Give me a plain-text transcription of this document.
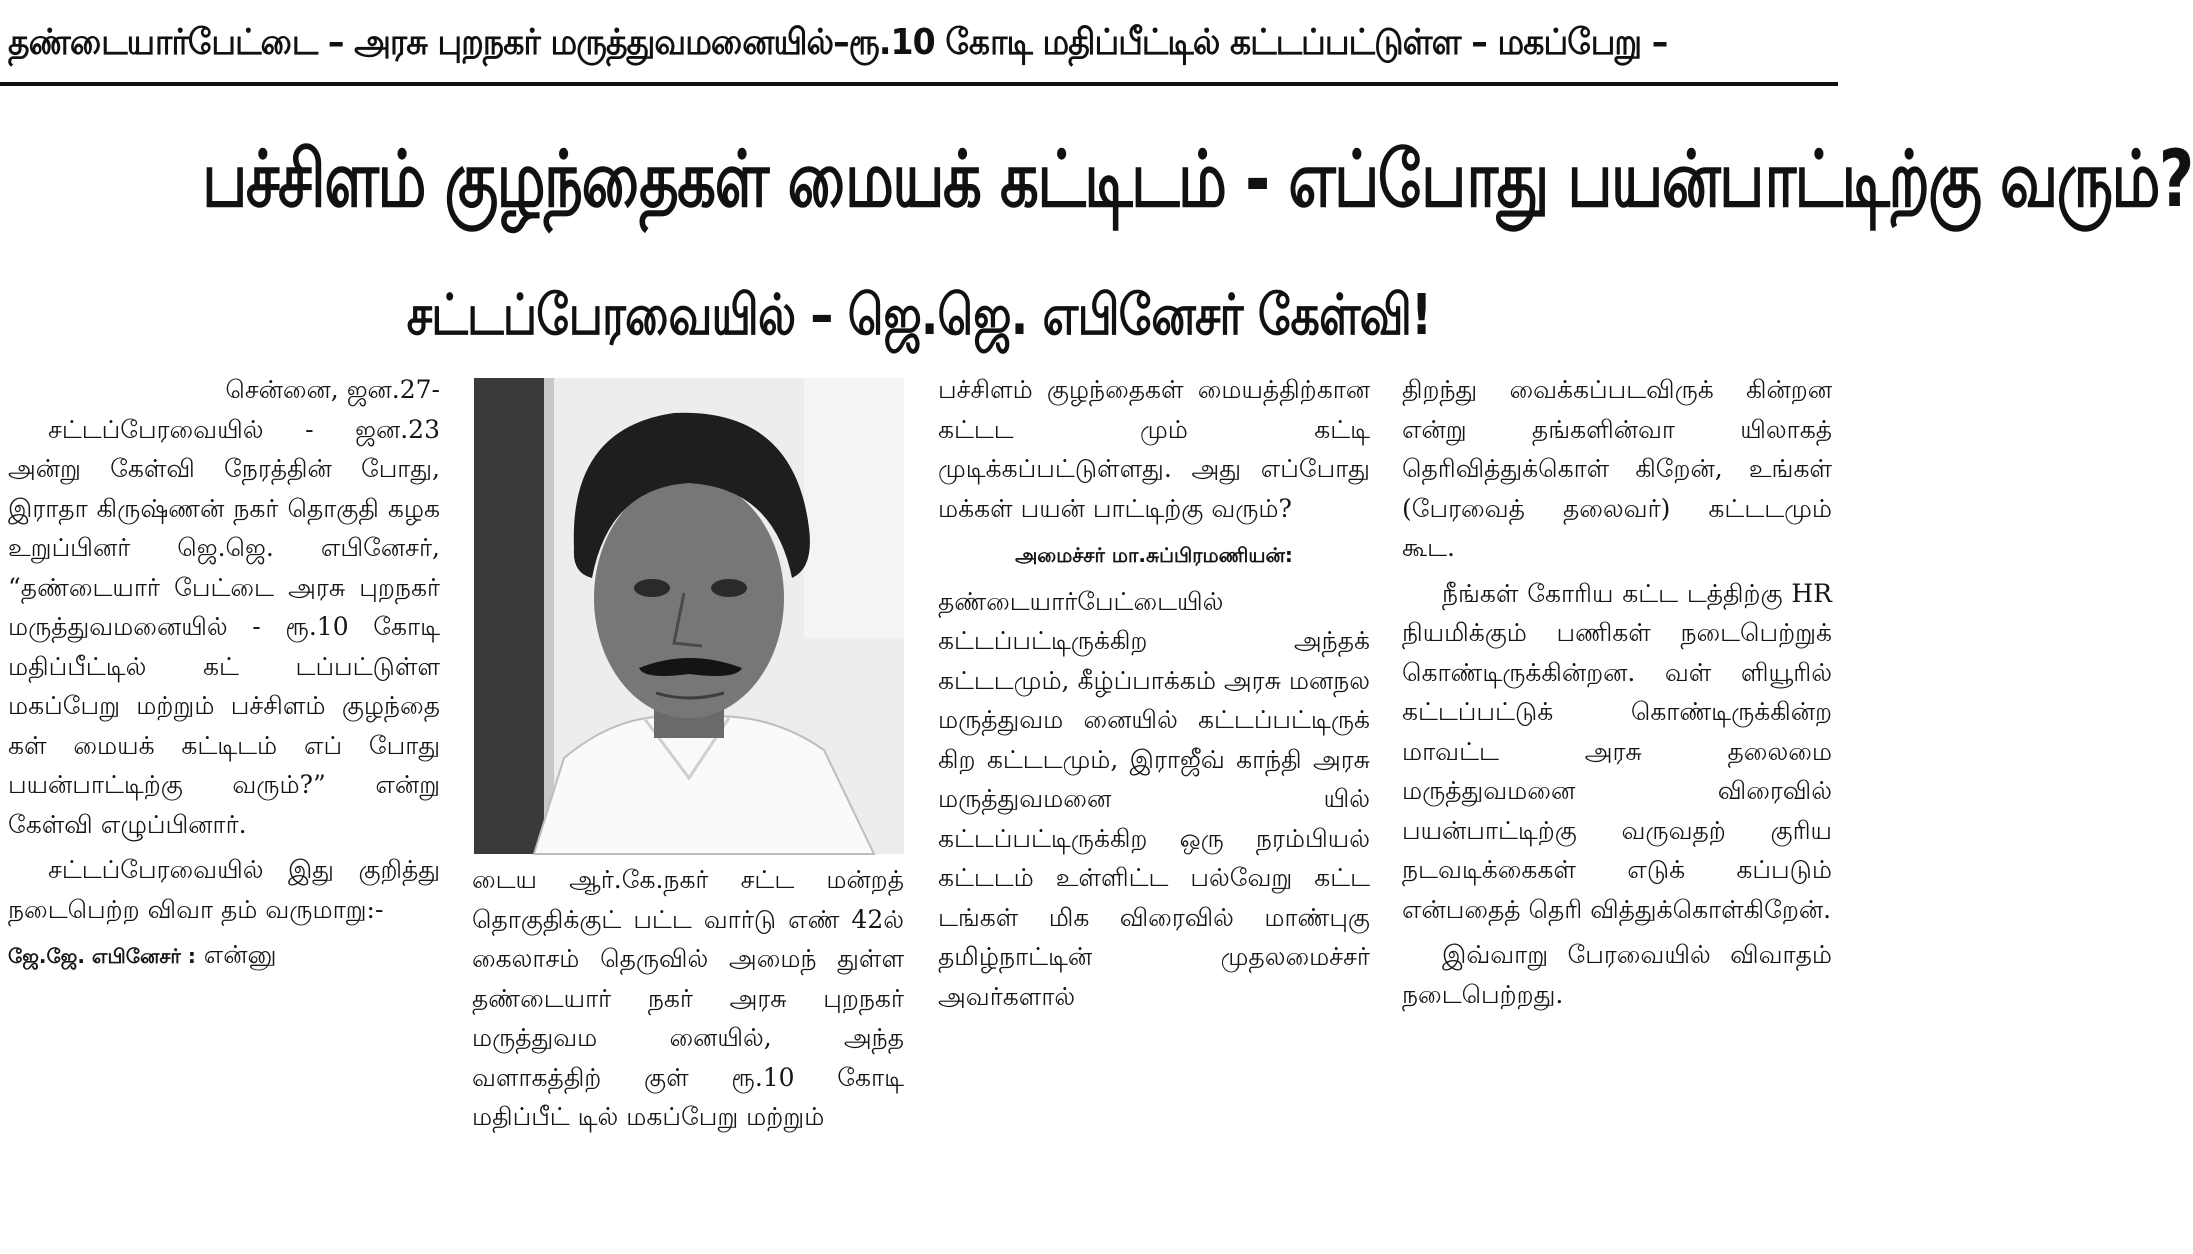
தண்டையார்பேட்டை – அரசு புறநகர் மருத்துவமனையில்–ரூ.10 கோடி மதிப்பீட்டில் கட்டப்பட்டுள்ள – மகப்பேறு –
பச்சிளம் குழந்தைகள் மையக் கட்டிடம் - எப்போது பயன்பாட்டிற்கு வரும்?
சட்டப்பேரவையில் – ஜெ.ஜெ. எபினேசர் கேள்வி!

சென்னை, ஜன.27-

சட்டப்பேரவையில் - ஜன.23 அன்று கேள்வி நேரத்தின் போது, இராதா கிருஷ்ணன் நகர் தொகுதி கழக உறுப்பினர் ஜெ.ஜெ. எபினேசர், “தண்டையார் பேட்டை அரசு புறநகர் மருத்துவமனையில் - ரூ.10 கோடி மதிப்பீட்டில் கட் டப்பட்டுள்ள மகப்பேறு மற்றும் பச்சிளம் குழந்தை கள் மையக் கட்டிடம் எப் போது பயன்பாட்டிற்கு வரும்?” என்று கேள்வி எழுப்பினார்.

சட்டப்பேரவையில் இது குறித்து நடைபெற்ற விவா தம் வருமாறு:-

ஜே.ஜே. எபினேசர் : என்னு

டைய ஆர்.கே.நகர் சட்ட மன்றத் தொகுதிக்குட் பட்ட வார்டு எண் 42ல் கைலாசம் தெருவில் அமைந் துள்ள தண்டையார் நகர் அரசு புறநகர் மருத்துவம னையில், அந்த வளாகத்திற் குள் ரூ.10 கோடி மதிப்பீட் டில் மகப்பேறு மற்றும்

பச்சிளம் குழந்தைகள் மையத்திற்கான கட்டட மும் கட்டி முடிக்கப்பட்டுள்ளது. அது எப்போது மக்கள் பயன் பாட்டிற்கு வரும்?

அமைச்சர் மா.சுப்பிரமணியன்:

தண்டையார்பேட்டையில் கட்டப்பட்டிருக்கிற அந்தக் கட்டடமும், கீழ்ப்பாக்கம் அரசு மனநல மருத்துவம னையில் கட்டப்பட்டிருக் கிற கட்டடமும், இராஜீவ் காந்தி அரசு மருத்துவமனை யில் கட்டப்பட்டிருக்கிற ஒரு நரம்பியல் கட்டடம் உள்ளிட்ட பல்வேறு கட்ட டங்கள் மிக விரைவில் மாண்புகு தமிழ்நாட்டின் முதலமைச்சர் அவர்களால்

திறந்து வைக்கப்படவிருக் கின்றன என்று தங்களின்வா யிலாகத் தெரிவித்துக்கொள் கிறேன், உங்கள் (பேரவைத் தலைவர்) கட்டடமும் கூட.

நீங்கள் கோரிய கட்ட டத்திற்கு HR நியமிக்கும் பணிகள் நடைபெற்றுக் கொண்டிருக்கின்றன. வள் ளியூரில் கட்டப்பட்டுக் கொண்டிருக்கின்ற மாவட்ட அரசு தலைமை மருத்துவமனை விரைவில் பயன்பாட்டிற்கு வருவதற் குரிய நடவடிக்கைகள் எடுக் கப்படும் என்பதைத் தெரி வித்துக்கொள்கிறேன்.

இவ்வாறு பேரவையில் விவாதம் நடைபெற்றது.
